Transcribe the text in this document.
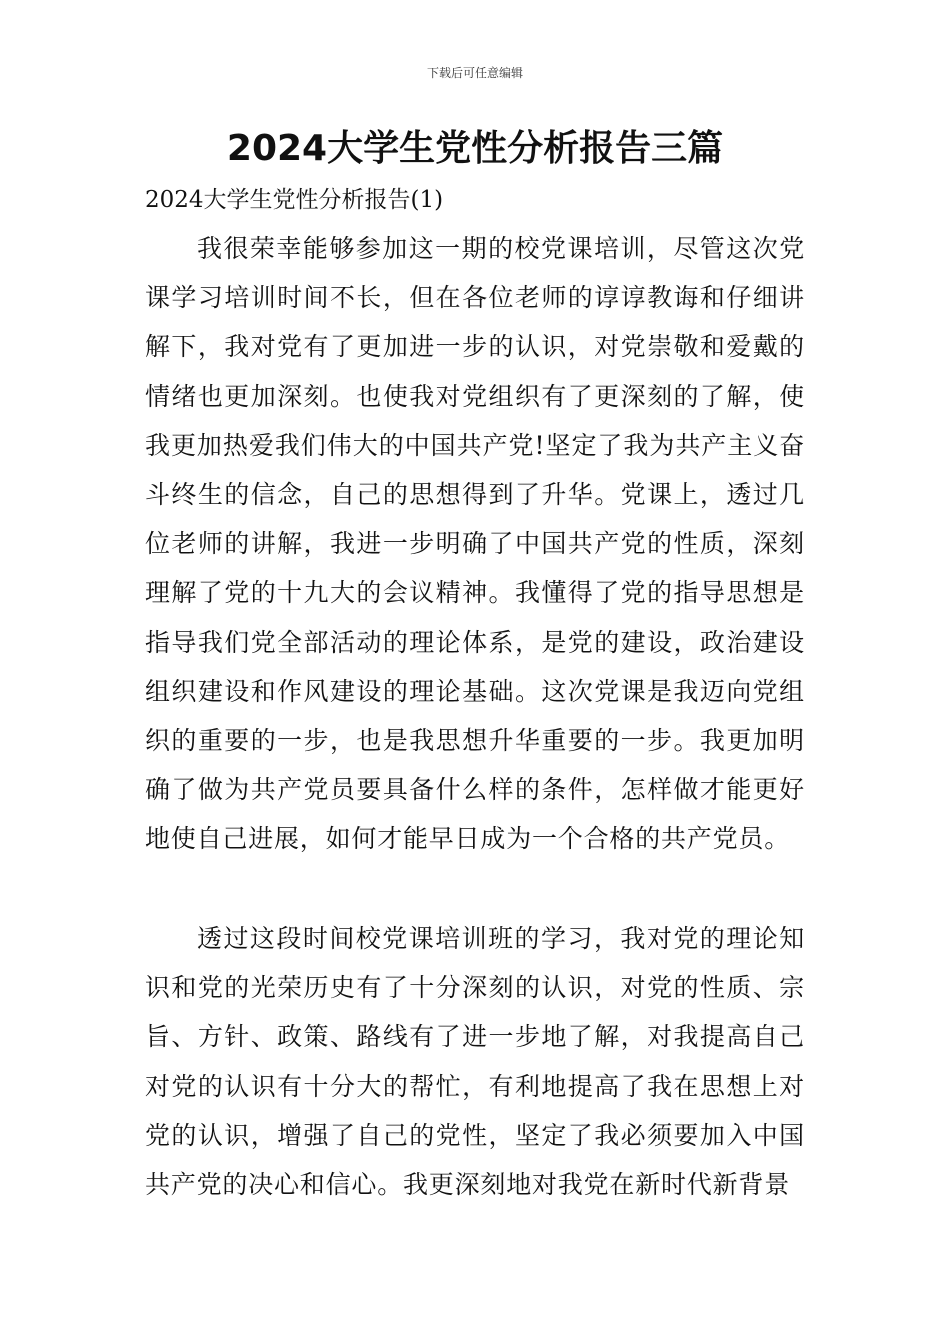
下载后可任意编辑
2024大学生党性分析报告三篇
2024大学生党性分析报告(1)

我很荣幸能够参加这一期的校党课培训，尽管这次党课学习培训时间不长，但在各位老师的谆谆教诲和仔细讲解下，我对党有了更加进一步的认识，对党崇敬和爱戴的情绪也更加深刻。也使我对党组织有了更深刻的了解，使我更加热爱我们伟大的中国共产党!坚定了我为共产主义奋斗终生的信念，自己的思想得到了升华。党课上，透过几位老师的讲解，我进一步明确了中国共产党的性质，深刻理解了党的十九大的会议精神。我懂得了党的指导思想是指导我们党全部活动的理论体系，是党的建设，政治建设组织建设和作风建设的理论基础。这次党课是我迈向党组织的重要的一步，也是我思想升华重要的一步。我更加明确了做为共产党员要具备什么样的条件，怎样做才能更好地使自己进展，如何才能早日成为一个合格的共产党员。

透过这段时间校党课培训班的学习，我对党的理论知识和党的光荣历史有了十分深刻的认识，对党的性质、宗旨、方针、政策、路线有了进一步地了解，对我提高自己对党的认识有十分大的帮忙，有利地提高了我在思想上对党的认识，增强了自己的党性，坚定了我必须要加入中国共产党的决心和信心。我更深刻地对我党在新时代新背景
